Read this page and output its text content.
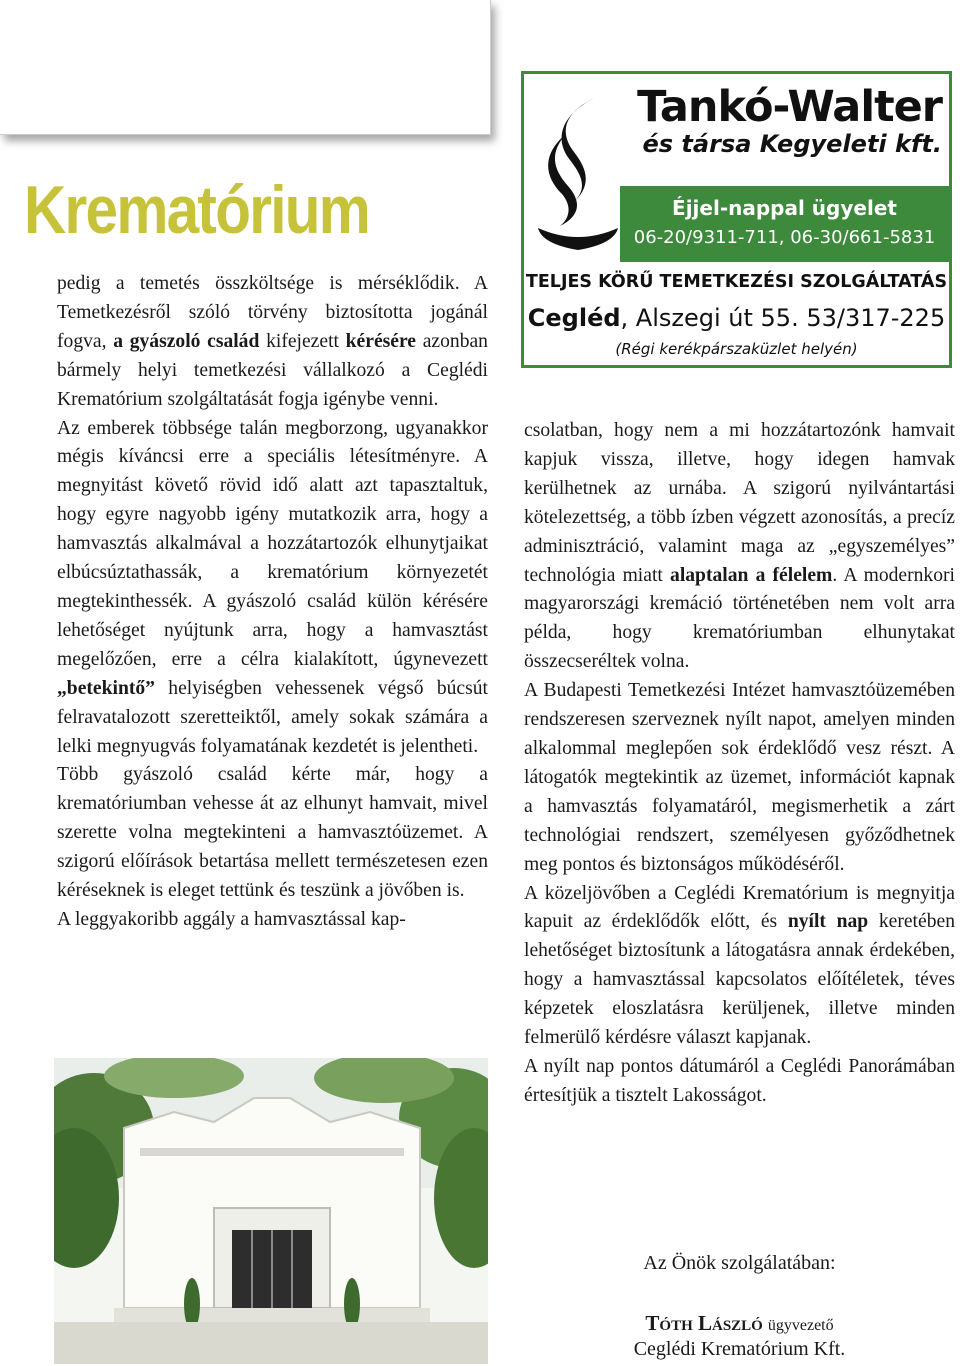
Krematórium

pedig a temetés összköltsége is mérséklődik. A Temetkezésről szóló törvény biztosította jogánál fogva, a gyászoló család kifejezett kérésére azonban bármely helyi temetkezési vállalkozó a Ceglédi Krematórium szolgáltatását fogja igénybe venni.

Az emberek többsége talán megborzong, ugyanakkor mégis kíváncsi erre a speciális létesítményre. A megnyitást követő rövid idő alatt azt tapasztaltuk, hogy egyre nagyobb igény mutatkozik arra, hogy a hamvasztás alkalmával a hozzátartozók elhunytjaikat elbúcsúztathassák, a krematórium környezetét megtekinthessék. A gyászoló család külön kérésére lehetőséget nyújtunk arra, hogy a hamvasztást megelőzően, erre a célra kialakított, úgynevezett „betekintő” helyiségben vehessenek végső búcsút felravatalozott szeretteiktől, amely sokak számára a lelki megnyugvás folyamatának kezdetét is jelentheti.

Több gyászoló család kérte már, hogy a krematóriumban vehesse át az elhunyt hamvait, mivel szerette volna megtekinteni a hamvasztóüzemet. A szigorú előírások betartása mellett természetesen ezen kéréseknek is eleget tettünk és teszünk a jövőben is.

A leggyakoribb aggály a hamvasztással kap-

Tankó-Walter
és társa Kegyeleti kft.
Éjjel-nappal ügyelet
06-20/9311-711, 06-30/661-5831
TELJES KÖRŰ TEMETKEZÉSI SZOLGÁLTATÁS
Cegléd, Alszegi út 55. 53/317-225
(Régi kerékpárszaküzlet helyén)

csolatban, hogy nem a mi hozzátartozónk hamvait kapjuk vissza, illetve, hogy idegen hamvak kerülhetnek az urnába. A szigorú nyilvántartási kötelezettség, a több ízben végzett azonosítás, a precíz adminisztráció, valamint maga az „egyszemélyes” technológia miatt alaptalan a félelem. A modernkori magyarországi kremáció történetében nem volt arra példa, hogy krematóriumban elhunytakat összecseréltek volna.

A Budapesti Temetkezési Intézet hamvasztóüzemében rendszeresen szerveznek nyílt napot, amelyen minden alkalommal meglepően sok érdeklődő vesz részt. A látogatók megtekintik az üzemet, információt kapnak a hamvasztás folyamatáról, megismerhetik a zárt technológiai rendszert, személyesen győződhetnek meg pontos és biztonságos működéséről.

A közeljövőben a Ceglédi Krematórium is megnyitja kapuit az érdeklődők előtt, és nyílt nap keretében lehetőséget biztosítunk a látogatásra annak érdekében, hogy a hamvasztással kapcsolatos előítéletek, téves képzetek eloszlatásra kerüljenek, illetve minden felmerülő kérdésre választ kapjanak.

A nyílt nap pontos dátumáról a Ceglédi Panorámában értesítjük a tisztelt Lakosságot.

Az Önök szolgálatában:
Tóth László ügyvezető
Ceglédi Krematórium Kft.
